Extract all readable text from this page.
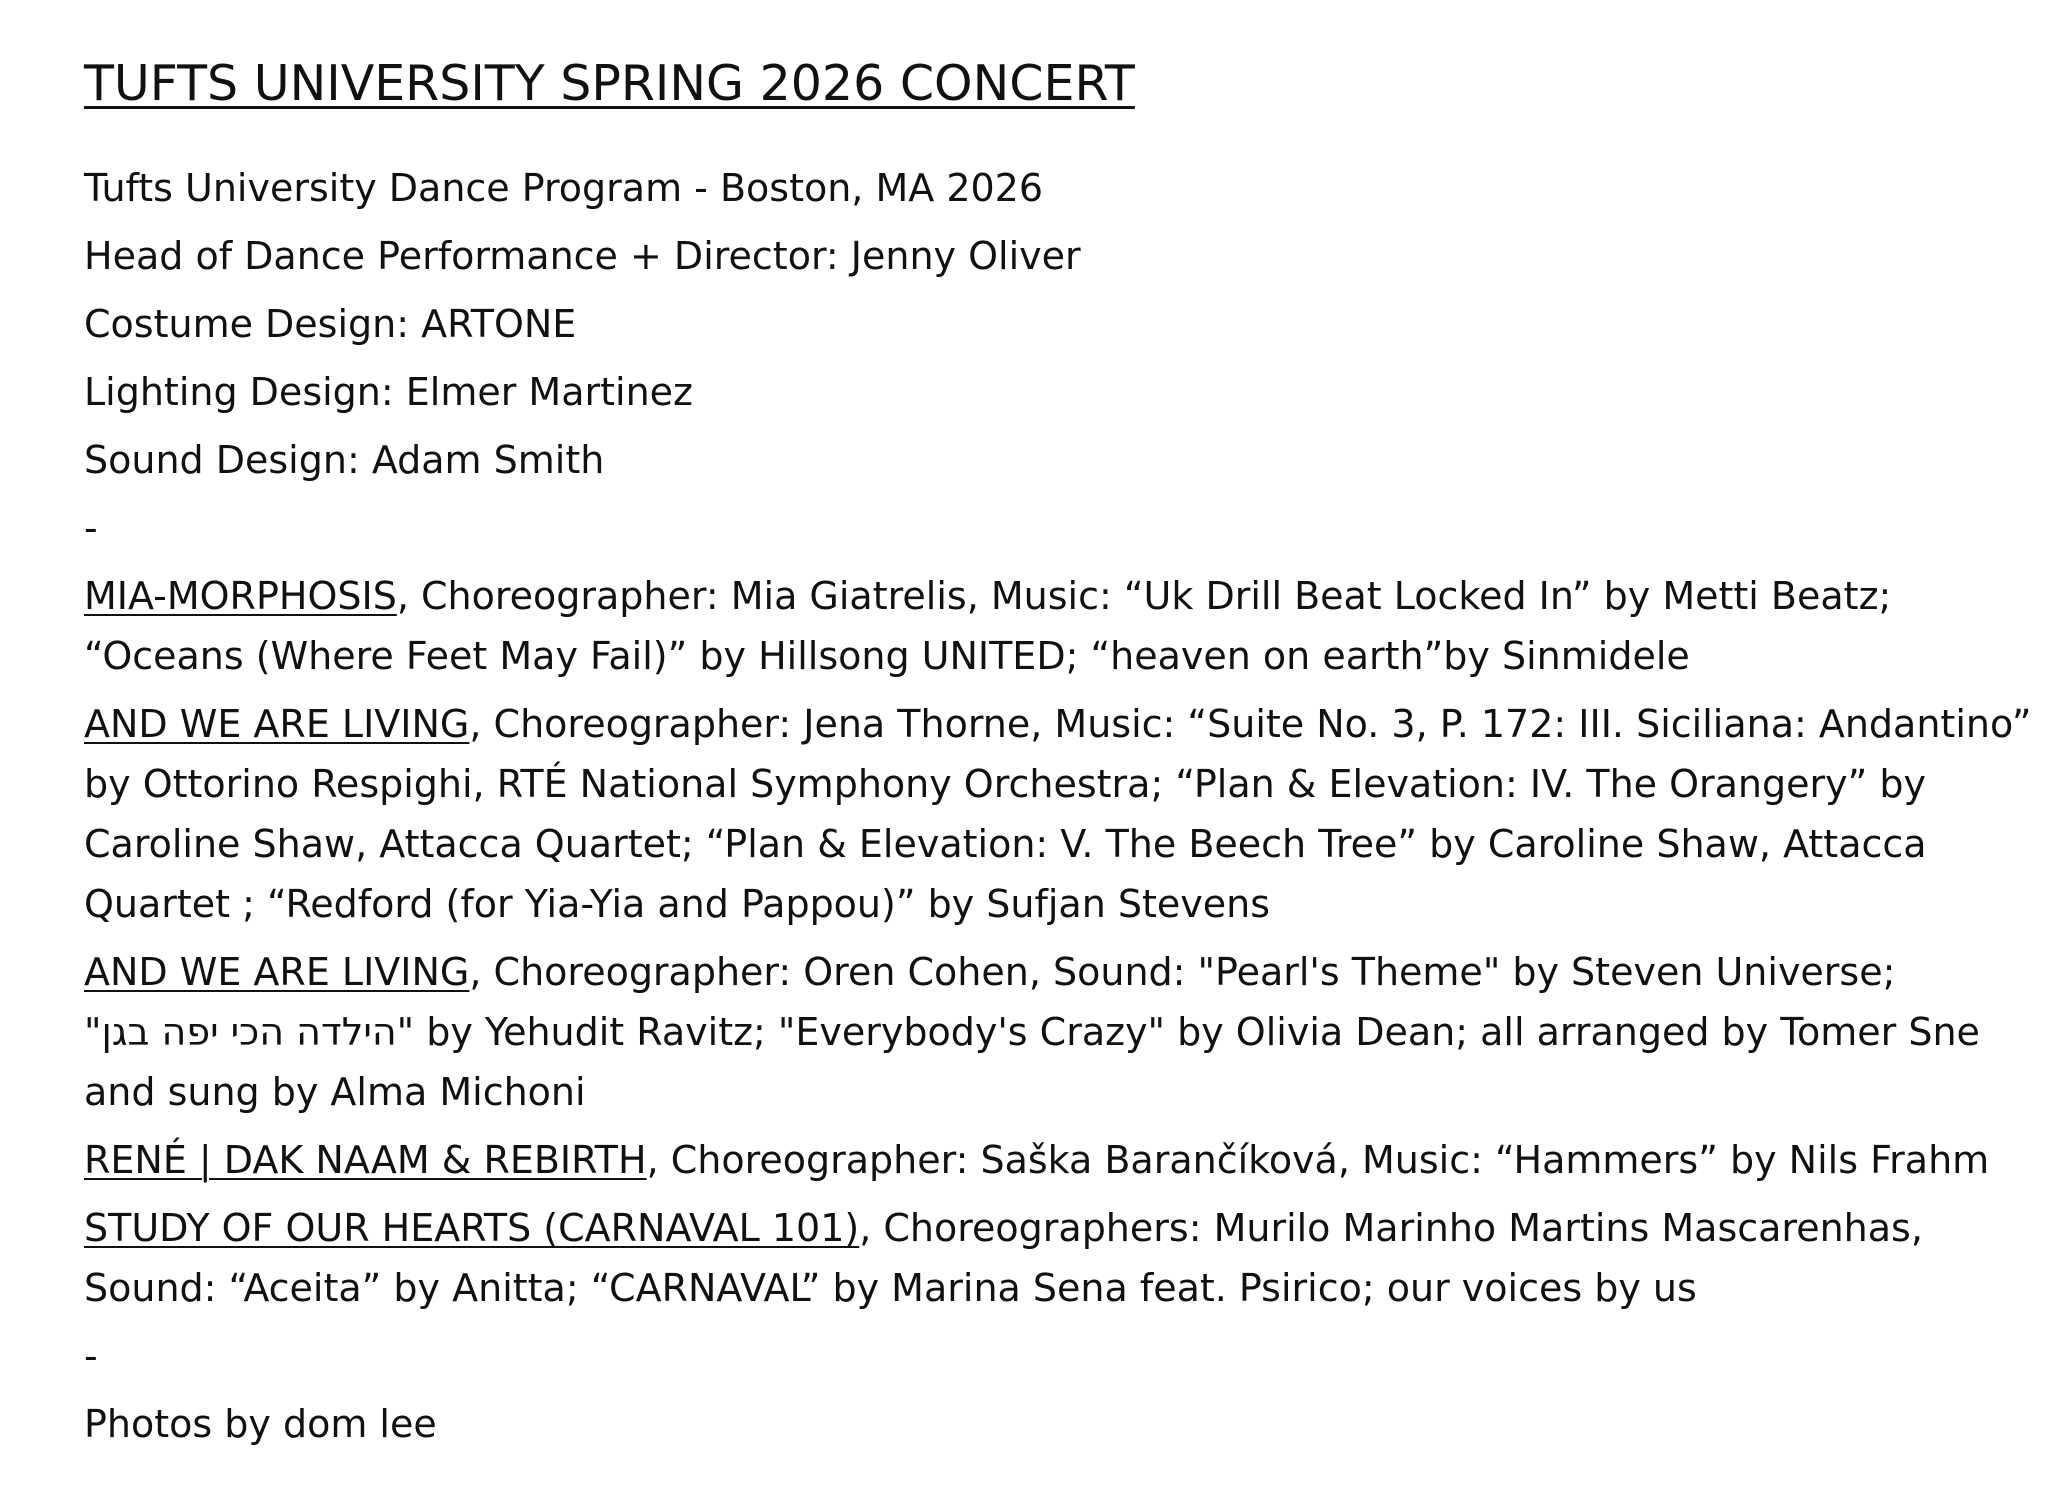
TUFTS UNIVERSITY SPRING 2026 CONCERT
Tufts University Dance Program - Boston, MA 2026
Head of Dance Performance + Director: Jenny Oliver
Costume Design: ARTONE
Lighting Design: Elmer Martinez
Sound Design: Adam Smith
-
MIA-MORPHOSIS, Choreographer: Mia Giatrelis, Music: “Uk Drill Beat Locked In” by Metti Beatz;
“Oceans (Where Feet May Fail)” by Hillsong UNITED; “heaven on earth”by Sinmidele
AND WE ARE LIVING, Choreographer: Jena Thorne, Music: “Suite No. 3, P. 172: III. Siciliana: Andantino”
by Ottorino Respighi, RTÉ National Symphony Orchestra; “Plan & Elevation: IV. The Orangery” by
Caroline Shaw, Attacca Quartet; “Plan & Elevation: V. The Beech Tree” by Caroline Shaw, Attacca
Quartet ; “Redford (for Yia-Yia and Pappou)” by Sufjan Stevens
AND WE ARE LIVING, Choreographer: Oren Cohen, Sound: "Pearl's Theme" by Steven Universe;
"הילדה הכי יפה בגן" by Yehudit Ravitz; "Everybody's Crazy" by Olivia Dean; all arranged by Tomer Sne
and sung by Alma Michoni
RENÉ | DAK NAAM & REBIRTH, Choreographer: Saška Barančíková, Music: “Hammers” by Nils Frahm
STUDY OF OUR HEARTS (CARNAVAL 101), Choreographers: Murilo Marinho Martins Mascarenhas,
Sound: “Aceita” by Anitta; “CARNAVAL” by Marina Sena feat. Psirico; our voices by us
-
Photos by dom lee
